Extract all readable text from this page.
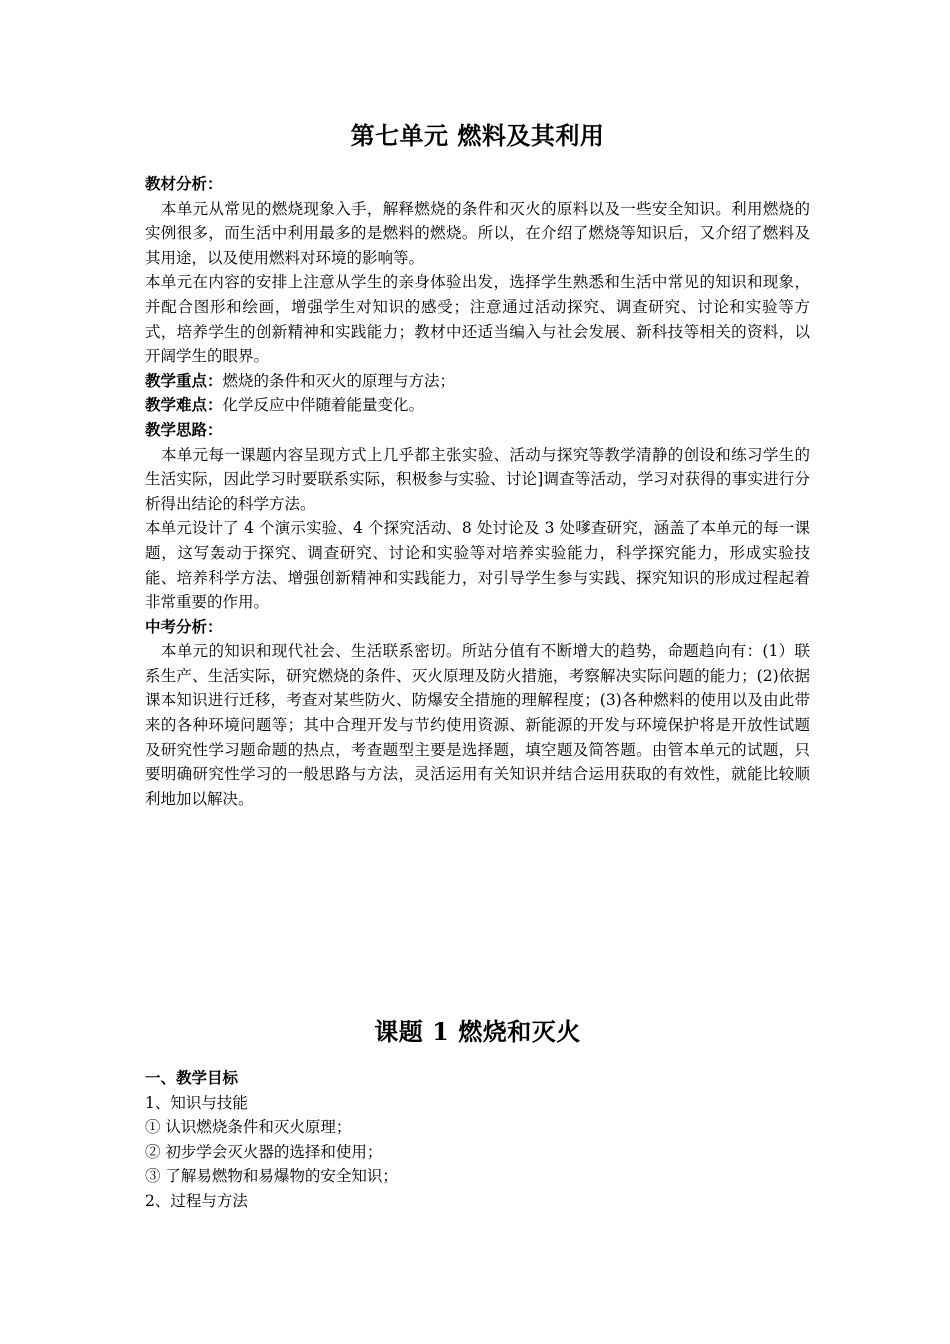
第七单元 燃料及其利用

教材分析：

本单元从常见的燃烧现象入手，解释燃烧的条件和灭火的原料以及一些安全知识。利用燃烧的实例很多，而生活中利用最多的是燃料的燃烧。所以，在介绍了燃烧等知识后，又介绍了燃料及其用途，以及使用燃料对环境的影响等。

本单元在内容的安排上注意从学生的亲身体验出发，选择学生熟悉和生活中常见的知识和现象，并配合图形和绘画，增强学生对知识的感受；注意通过活动探究、调查研究、讨论和实验等方式，培养学生的创新精神和实践能力；教材中还适当编入与社会发展、新科技等相关的资料，以开阔学生的眼界。

教学重点：燃烧的条件和灭火的原理与方法；

教学难点：化学反应中伴随着能量变化。

教学思路：

本单元每一课题内容呈现方式上几乎都主张实验、活动与探究等教学清静的创设和练习学生的生活实际，因此学习时要联系实际，积极参与实验、讨论]调查等活动，学习对获得的事实进行分析得出结论的科学方法。

本单元设计了 4 个演示实验、4 个探究活动、8 处讨论及 3 处嗲查研究，涵盖了本单元的每一课题，这写轰动于探究、调查研究、讨论和实验等对培养实验能力，科学探究能力，形成实验技能、培养科学方法、增强创新精神和实践能力，对引导学生参与实践、探究知识的形成过程起着非常重要的作用。

中考分析：

本单元的知识和现代社会、生活联系密切。所站分值有不断增大的趋势，命题趋向有：(1）联系生产、生活实际，研究燃烧的条件、灭火原理及防火措施，考察解决实际问题的能力；(2)依据课本知识进行迁移，考查对某些防火、防爆安全措施的理解程度；(3)各种燃料的使用以及由此带来的各种环境问题等；其中合理开发与节约使用资源、新能源的开发与环境保护将是开放性试题及研究性学习题命题的热点，考查题型主要是选择题，填空题及简答题。由管本单元的试题，只要明确研究性学习的一般思路与方法，灵活运用有关知识并结合运用获取的有效性，就能比较顺利地加以解决。

课题 1 燃烧和灭火

一、教学目标

1、知识与技能

① 认识燃烧条件和灭火原理；

② 初步学会灭火器的选择和使用；

③ 了解易燃物和易爆物的安全知识；

2、过程与方法
